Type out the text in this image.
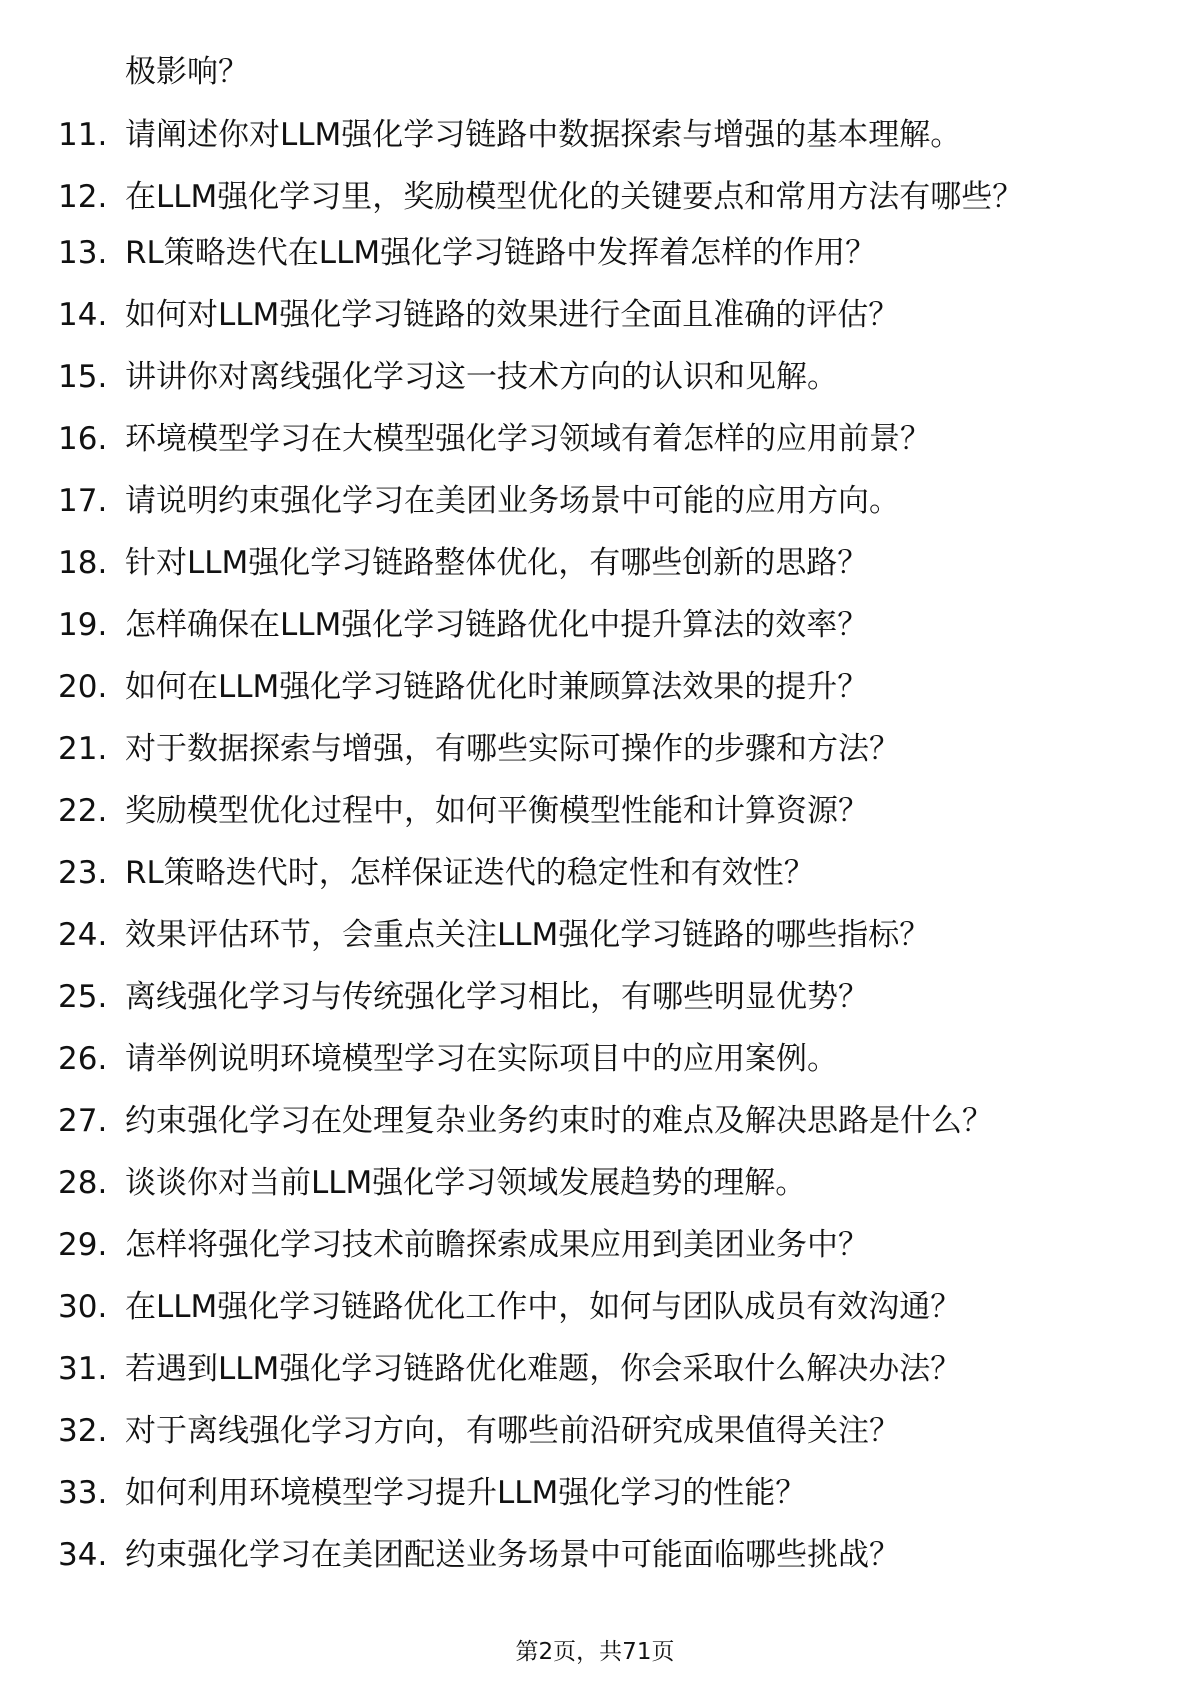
极影响？
11. 请阐述你对LLM强化学习链路中数据探索与增强的基本理解。
12. 在LLM强化学习里，奖励模型优化的关键要点和常用方法有哪些？
13. RL策略迭代在LLM强化学习链路中发挥着怎样的作用？
14. 如何对LLM强化学习链路的效果进行全面且准确的评估？
15. 讲讲你对离线强化学习这一技术方向的认识和见解。
16. 环境模型学习在大模型强化学习领域有着怎样的应用前景？
17. 请说明约束强化学习在美团业务场景中可能的应用方向。
18. 针对LLM强化学习链路整体优化，有哪些创新的思路？
19. 怎样确保在LLM强化学习链路优化中提升算法的效率？
20. 如何在LLM强化学习链路优化时兼顾算法效果的提升？
21. 对于数据探索与增强，有哪些实际可操作的步骤和方法？
22. 奖励模型优化过程中，如何平衡模型性能和计算资源？
23. RL策略迭代时，怎样保证迭代的稳定性和有效性？
24. 效果评估环节，会重点关注LLM强化学习链路的哪些指标？
25. 离线强化学习与传统强化学习相比，有哪些明显优势？
26. 请举例说明环境模型学习在实际项目中的应用案例。
27. 约束强化学习在处理复杂业务约束时的难点及解决思路是什么？
28. 谈谈你对当前LLM强化学习领域发展趋势的理解。
29. 怎样将强化学习技术前瞻探索成果应用到美团业务中？
30. 在LLM强化学习链路优化工作中，如何与团队成员有效沟通？
31. 若遇到LLM强化学习链路优化难题，你会采取什么解决办法？
32. 对于离线强化学习方向，有哪些前沿研究成果值得关注？
33. 如何利用环境模型学习提升LLM强化学习的性能？
34. 约束强化学习在美团配送业务场景中可能面临哪些挑战？
第2页，共71页
